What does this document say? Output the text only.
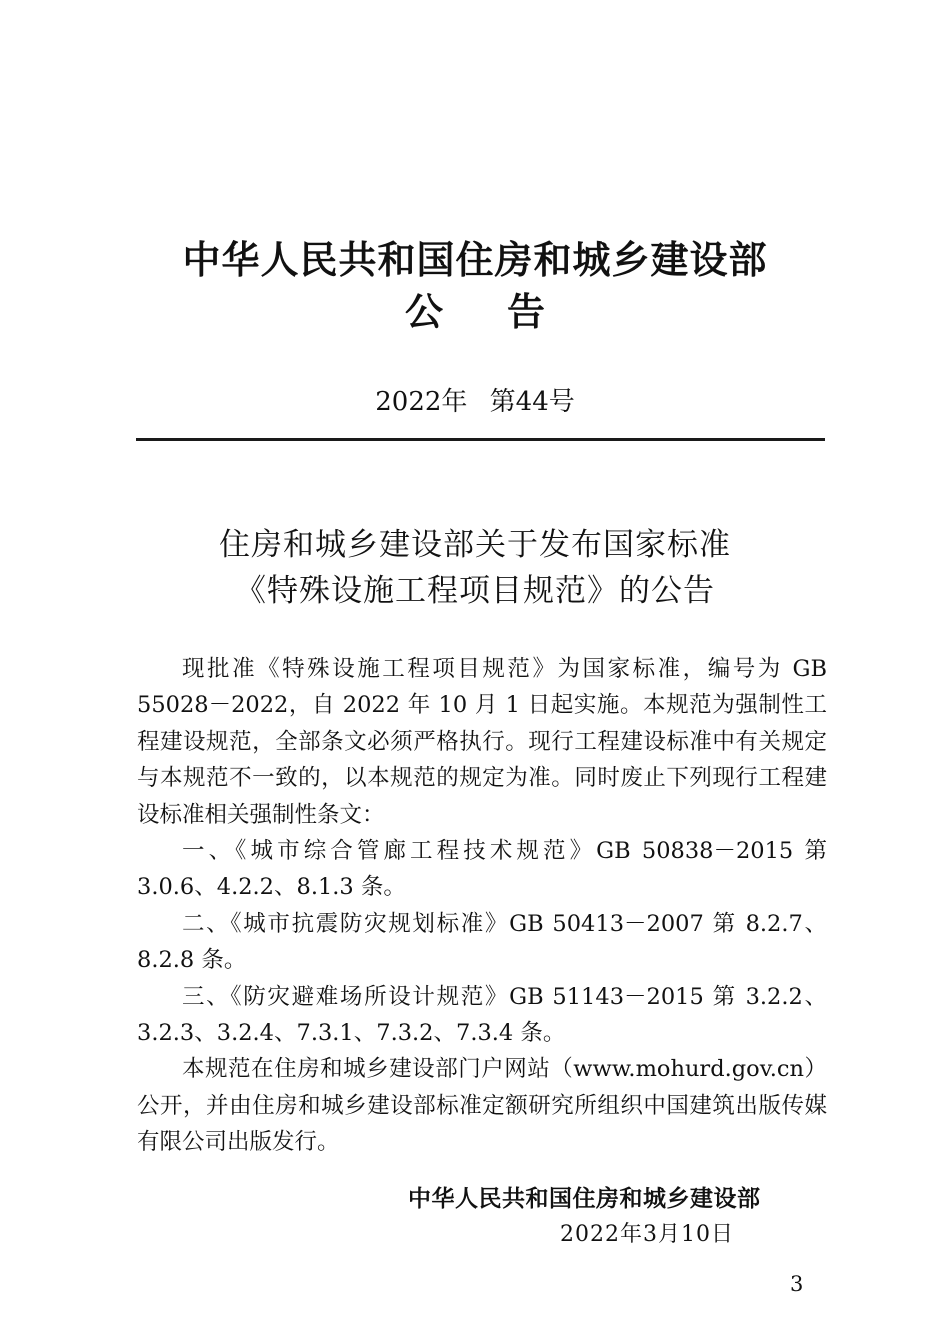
中华人民共和国住房和城乡建设部
公告
2022年 第44号
住房和城乡建设部关于发布国家标准
《特殊设施工程项目规范》的公告

现批准《特殊设施工程项目规范》为国家标准，编号为 GB 55028－2022，自 2022 年 10 月 1 日起实施。本规范为强制性工程建设规范，全部条文必须严格执行。现行工程建设标准中有关规定与本规范不一致的，以本规范的规定为准。同时废止下列现行工程建设标准相关强制性条文：

一、《城市综合管廊工程技术规范》GB 50838－2015 第 3.0.6、4.2.2、8.1.3 条。

二、《城市抗震防灾规划标准》GB 50413－2007 第 8.2.7、8.2.8 条。

三、《防灾避难场所设计规范》GB 51143－2015 第 3.2.2、3.2.3、3.2.4、7.3.1、7.3.2、7.3.4 条。

本规范在住房和城乡建设部门户网站（www.mohurd.gov.cn）公开，并由住房和城乡建设部标准定额研究所组织中国建筑出版传媒有限公司出版发行。

中华人民共和国住房和城乡建设部
2022年3月10日
3
